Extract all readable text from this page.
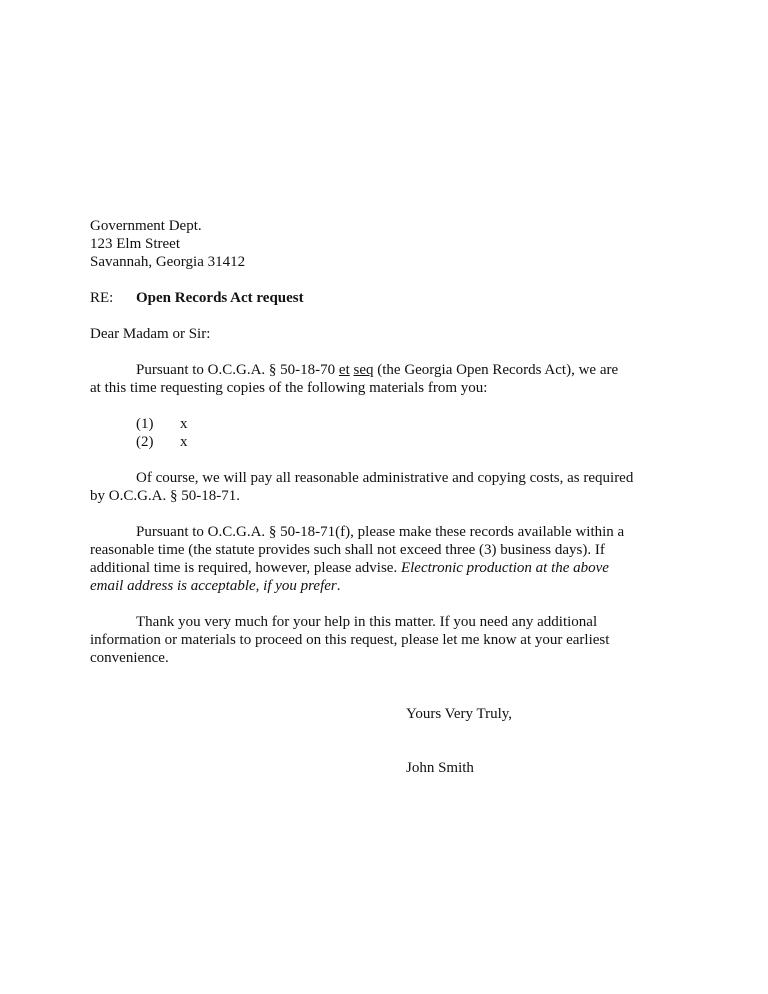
Government Dept.
123 Elm Street
Savannah, Georgia 31412
RE: Open Records Act request
Dear Madam or Sir:
Pursuant to O.C.G.A. § 50-18-70 et seq (the Georgia Open Records Act), we are
at this time requesting copies of the following materials from you:
(1) x
(2) x
Of course, we will pay all reasonable administrative and copying costs, as required
by O.C.G.A. § 50-18-71.
Pursuant to O.C.G.A. § 50-18-71(f), please make these records available within a
reasonable time (the statute provides such shall not exceed three (3) business days). If
additional time is required, however, please advise. Electronic production at the above
email address is acceptable, if you prefer.
Thank you very much for your help in this matter. If you need any additional
information or materials to proceed on this request, please let me know at your earliest
convenience.
Yours Very Truly,
John Smith
